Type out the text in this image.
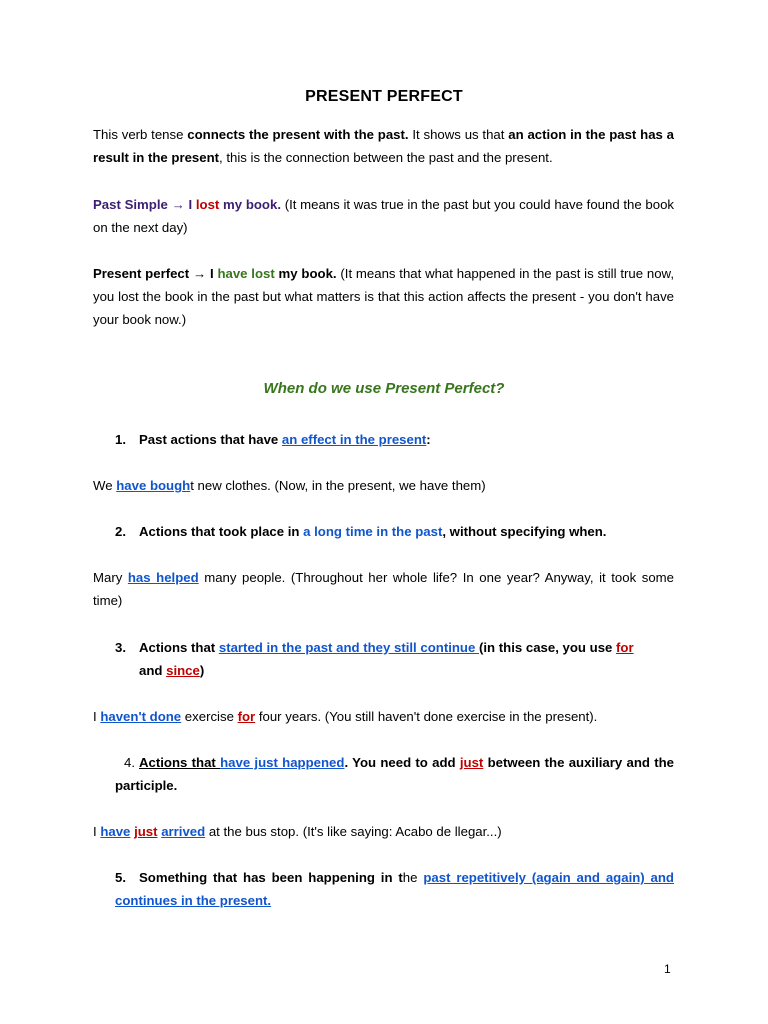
PRESENT PERFECT
This verb tense connects the present with the past. It shows us that an action in the past has a result in the present, this is the connection between the past and the present.
Past Simple → I lost my book. (It means it was true in the past but you could have found the book on the next day)
Present perfect → I have lost my book. (It means that what happened in the past is still true now, you lost the book in the past but what matters is that this action affects the present - you don't have your book now.)
When do we use Present Perfect?
1. Past actions that have an effect in the present:
We have bought new clothes. (Now, in the present, we have them)
2. Actions that took place in a long time in the past, without specifying when.
Mary has helped many people. (Throughout her whole life? In one year? Anyway, it took some time)
3. Actions that started in the past and they still continue (in this case, you use for
and since)
I haven't done exercise for four years. (You still haven't done exercise in the present).
4. Actions that have just happened. You need to add just between the auxiliary and the participle.
I have just arrived at the bus stop. (It's like saying: Acabo de llegar...)
5. Something that has been happening in the past repetitively (again and again) and continues in the present.
1
